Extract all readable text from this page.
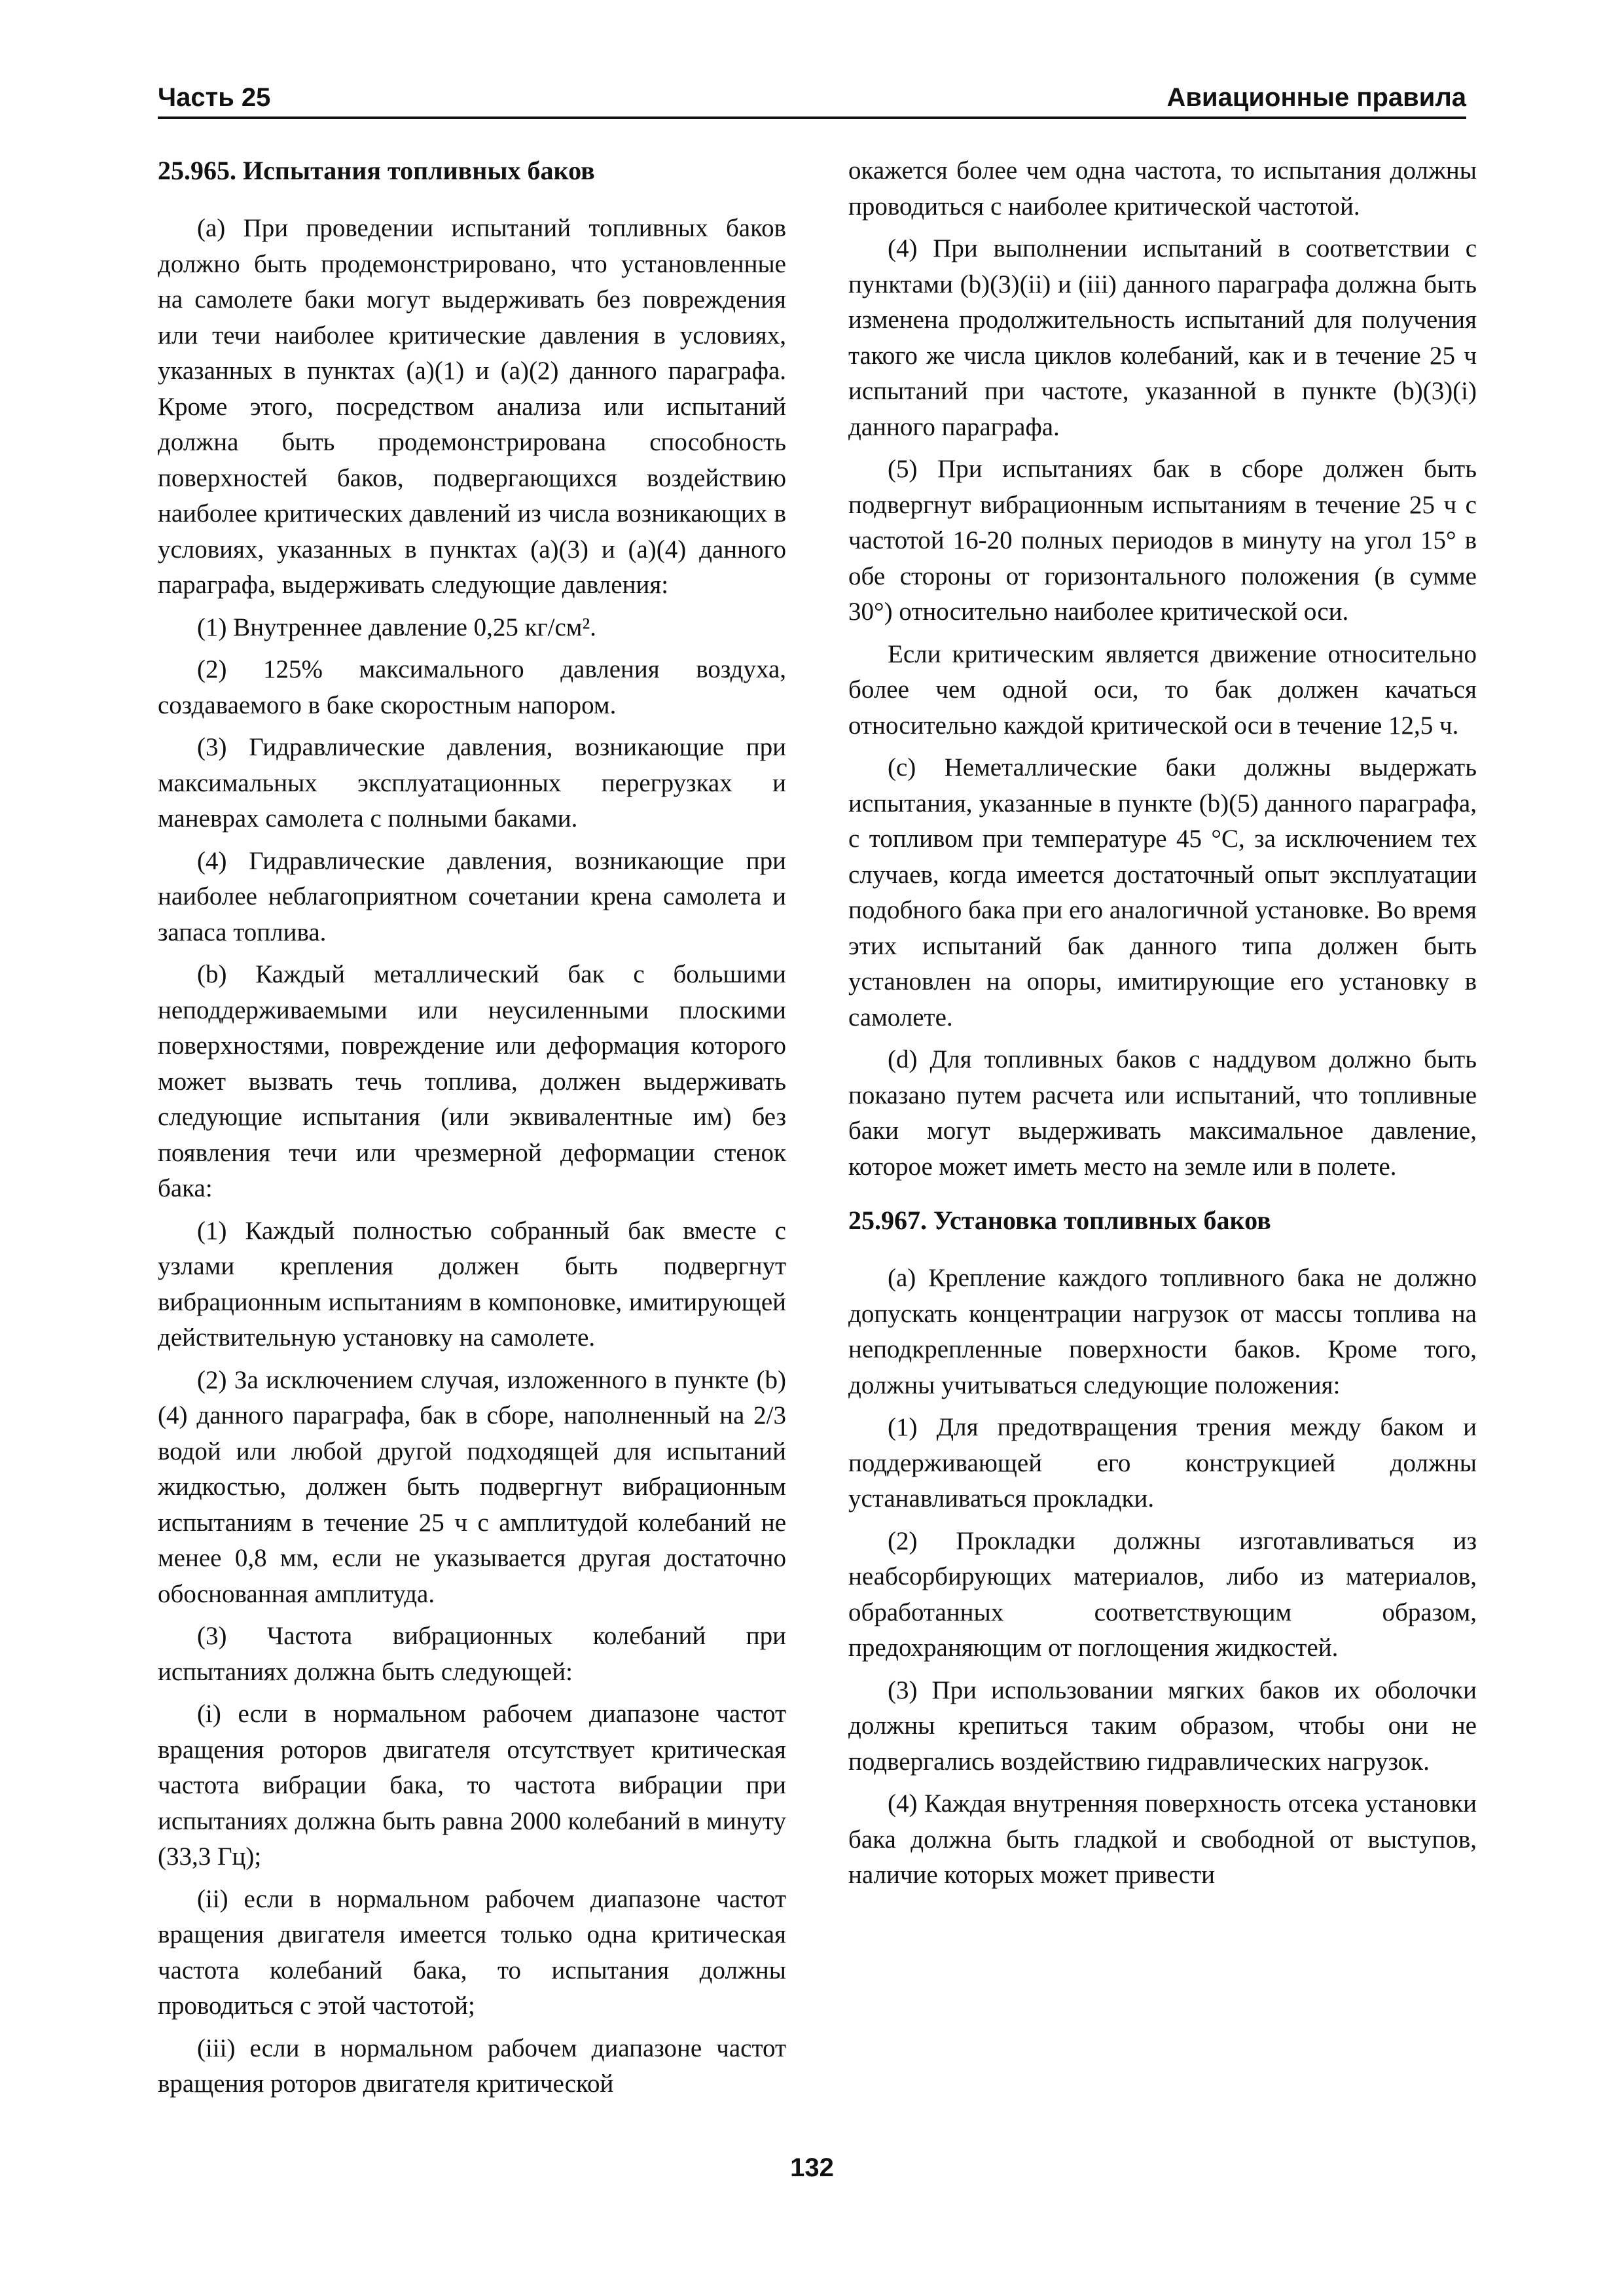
Часть 25	Авиационные правила
25.965. Испытания топливных баков

(a) При проведении испытаний топливных баков должно быть продемонстрировано, что установленные на самолете баки могут выдерживать без повреждения или течи наиболее критические давления в условиях, указанных в пунктах (a)(1) и (a)(2) данного параграфа. Кроме этого, посредством анализа или испытаний должна быть продемонстрирована способность поверхностей баков, подвергающихся воздействию наиболее критических давлений из числа возникающих в условиях, указанных в пунктах (a)(3) и (a)(4) данного параграфа, выдерживать следующие давления:

(1) Внутреннее давление 0,25 кг/см².

(2) 125% максимального давления воздуха, создаваемого в баке скоростным напором.

(3) Гидравлические давления, возникающие при максимальных эксплуатационных перегрузках и маневрах самолета с полными баками.

(4) Гидравлические давления, возникающие при наиболее неблагоприятном сочетании крена самолета и запаса топлива.

(b) Каждый металлический бак с большими неподдерживаемыми или неусиленными плоскими поверхностями, повреждение или деформация которого может вызвать течь топлива, должен выдерживать следующие испытания (или эквивалентные им) без появления течи или чрезмерной деформации стенок бака:

(1) Каждый полностью собранный бак вместе с узлами крепления должен быть подвергнут вибрационным испытаниям в компоновке, имитирующей действительную установку на самолете.

(2) За исключением случая, изложенного в пункте (b)(4) данного параграфа, бак в сборе, наполненный на 2/3 водой или любой другой подходящей для испытаний жидкостью, должен быть подвергнут вибрационным испытаниям в течение 25 ч с амплитудой колебаний не менее 0,8 мм, если не указывается другая достаточно обоснованная амплитуда.

(3) Частота вибрационных колебаний при испытаниях должна быть следующей:

(i) если в нормальном рабочем диапазоне частот вращения роторов двигателя отсутствует критическая частота вибрации бака, то частота вибрации при испытаниях должна быть равна 2000 колебаний в минуту (33,3 Гц);

(ii) если в нормальном рабочем диапазоне частот вращения двигателя имеется только одна критическая частота колебаний бака, то испытания должны проводиться с этой частотой;

(iii) если в нормальном рабочем диапазоне частот вращения роторов двигателя критической

окажется более чем одна частота, то испытания должны проводиться с наиболее критической частотой.

(4) При выполнении испытаний в соответствии с пунктами (b)(3)(ii) и (iii) данного параграфа должна быть изменена продолжительность испытаний для получения такого же числа циклов колебаний, как и в течение 25 ч испытаний при частоте, указанной в пункте (b)(3)(i) данного параграфа.

(5) При испытаниях бак в сборе должен быть подвергнут вибрационным испытаниям в течение 25 ч с частотой 16-20 полных периодов в минуту на угол 15° в обе стороны от горизонтального положения (в сумме 30°) относительно наиболее критической оси.

Если критическим является движение относительно более чем одной оси, то бак должен качаться относительно каждой критической оси в течение 12,5 ч.

(c) Неметаллические баки должны выдержать испытания, указанные в пункте (b)(5) данного параграфа, с топливом при температуре 45 °С, за исключением тех случаев, когда имеется достаточный опыт эксплуатации подобного бака при его аналогичной установке. Во время этих испытаний бак данного типа должен быть установлен на опоры, имитирующие его установку в самолете.

(d) Для топливных баков с наддувом должно быть показано путем расчета или испытаний, что топливные баки могут выдерживать максимальное давление, которое может иметь место на земле или в полете.

25.967. Установка топливных баков

(a) Крепление каждого топливного бака не должно допускать концентрации нагрузок от массы топлива на неподкрепленные поверхности баков. Кроме того, должны учитываться следующие положения:

(1) Для предотвращения трения между баком и поддерживающей его конструкцией должны устанавливаться прокладки.

(2) Прокладки должны изготавливаться из неабсорбирующих материалов, либо из материалов, обработанных соответствующим образом, предохраняющим от поглощения жидкостей.

(3) При использовании мягких баков их оболочки должны крепиться таким образом, чтобы они не подвергались воздействию гидравлических нагрузок.

(4) Каждая внутренняя поверхность отсека установки бака должна быть гладкой и свободной от выступов, наличие которых может привести

132
